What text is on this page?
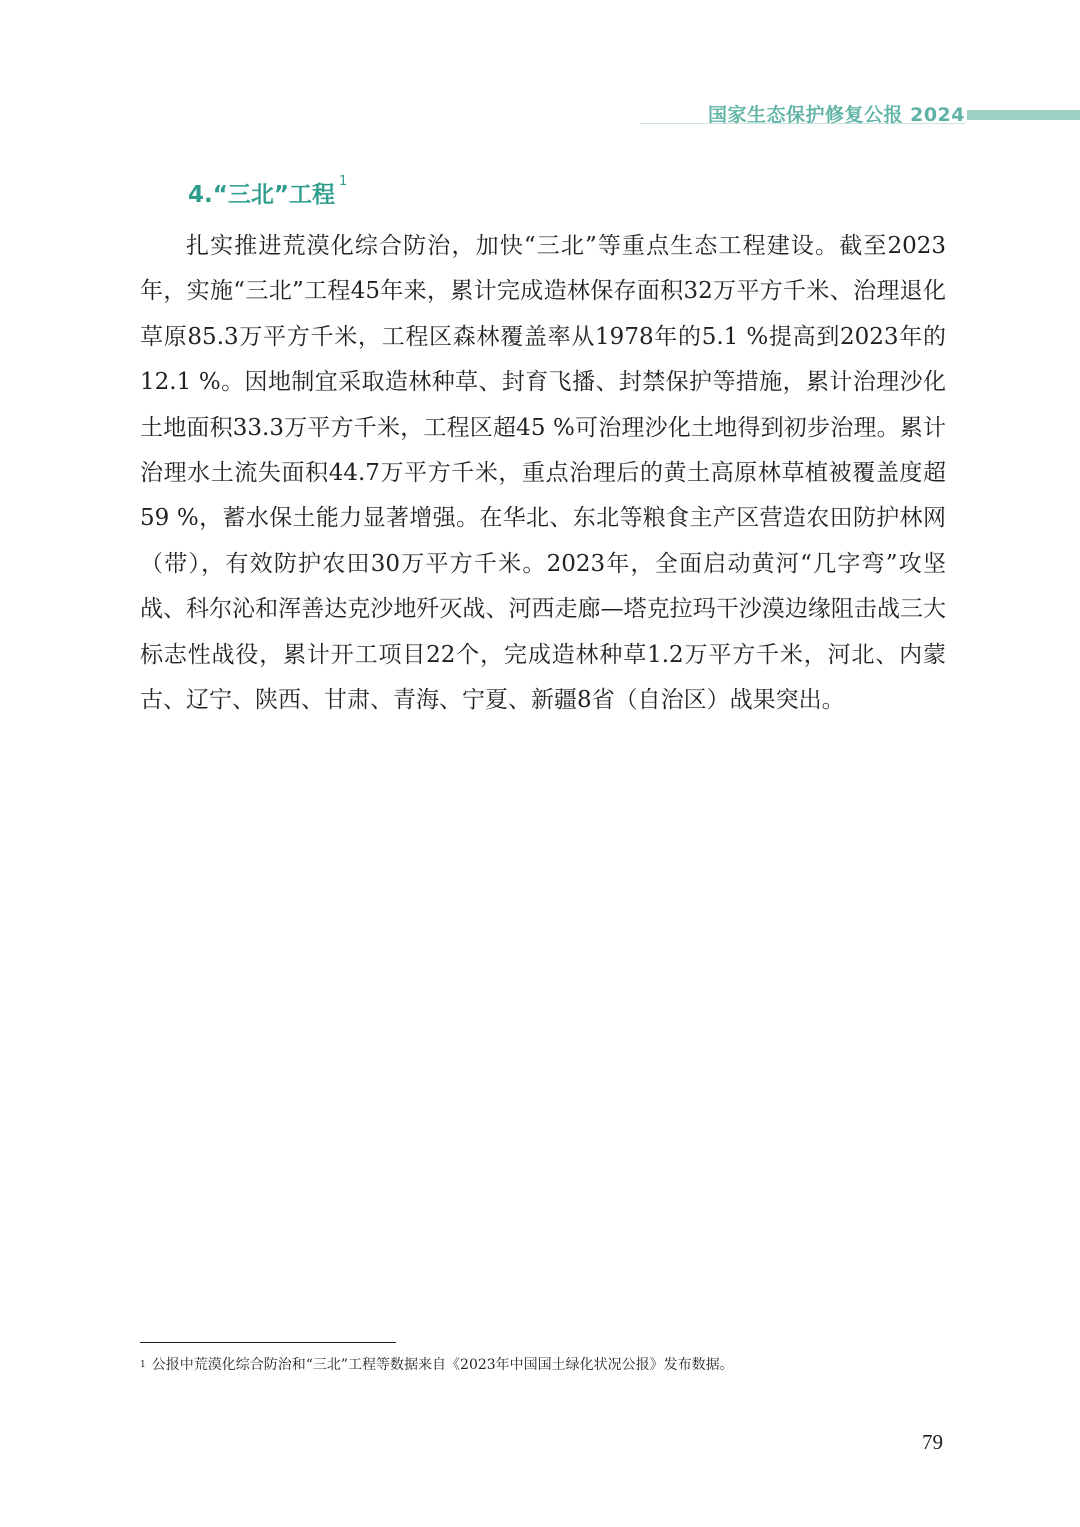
国家生态保护修复公报 2024
4.“三北”工程$^1$

扎实推进荒漠化综合防治，加快“三北”等重点生态工程建设。截至2023年，实施“三北”工程45年来，累计完成造林保存面积32万平方千米、治理退化草原85.3万平方千米，工程区森林覆盖率从1978年的5.1 %提高到2023年的12.1 %。因地制宜采取造林种草、封育飞播、封禁保护等措施，累计治理沙化土地面积33.3万平方千米，工程区超45 %可治理沙化土地得到初步治理。累计治理水土流失面积44.7万平方千米，重点治理后的黄土高原林草植被覆盖度超59 %，蓄水保土能力显著增强。在华北、东北等粮食主产区营造农田防护林网（带），有效防护农田30万平方千米。2023年，全面启动黄河“几字弯”攻坚战、科尔沁和浑善达克沙地歼灭战、河西走廊—塔克拉玛干沙漠边缘阻击战三大标志性战役，累计开工项目22个，完成造林种草1.2万平方千米，河北、内蒙古、辽宁、陕西、甘肃、青海、宁夏、新疆8省（自治区）战果突出。

$^1$ 公报中荒漠化综合防治和“三北”工程等数据来自《2023年中国国土绿化状况公报》发布数据。
79
